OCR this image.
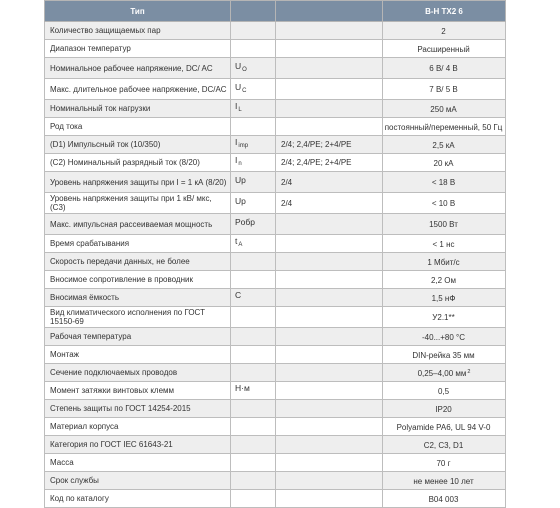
Тип			B-H TX2 6
Количество защищаемых пар			2
Диапазон температур			Расширенный
Номинальное рабочее напряжение, DC/ AC	$U_O$		6 В/ 4 В
Макс. длительное рабочее напряжение, DC/AC	$U_C$		7 В/ 5 В
Номинальный ток нагрузки	$I_L$		250 мА
Род тока			постоянный/переменный, 50 Гц
(D1) Импульсный ток (10/350)	$I_{imp}$	2/4; 2,4/PE; 2+4/PE	2,5 кА
(C2) Номинальный разрядный ток (8/20)	$I_n$	2/4; 2,4/PE; 2+4/PE	20 кА
Уровень напряжения защиты при I = 1 кА (8/20)	Up	2/4	< 18 В
Уровень напряжения защиты при 1 кВ/ мкс, (C3)	Up	2/4	< 10 В
Макс. импульсная рассеиваемая мощность	Pобр		1500 Вт
Время срабатывания	$t_A$		< 1 нс
Скорость передачи данных, не более			1 Мбит/с
Вносимое сопротивление в проводник			2,2 Ом
Вносимая ёмкость	C		1,5 нФ
Вид климатического исполнения по ГОСТ 15150-69			У2.1**
Рабочая температура			-40...+80 °C
Монтаж			DIN-рейка 35 мм
Сечение подключаемых проводов			0,25–4,00 $мм^2$
Момент затяжки винтовых клемм	Н·м		0,5
Степень защиты по ГОСТ 14254-2015			IP20
Материал корпуса			Polyamide PA6, UL 94 V-0
Категория по ГОСТ IEC 61643-21			C2, C3, D1
Масса			70 г
Срок службы			не менее 10 лет
Код по каталогу			B04 003
